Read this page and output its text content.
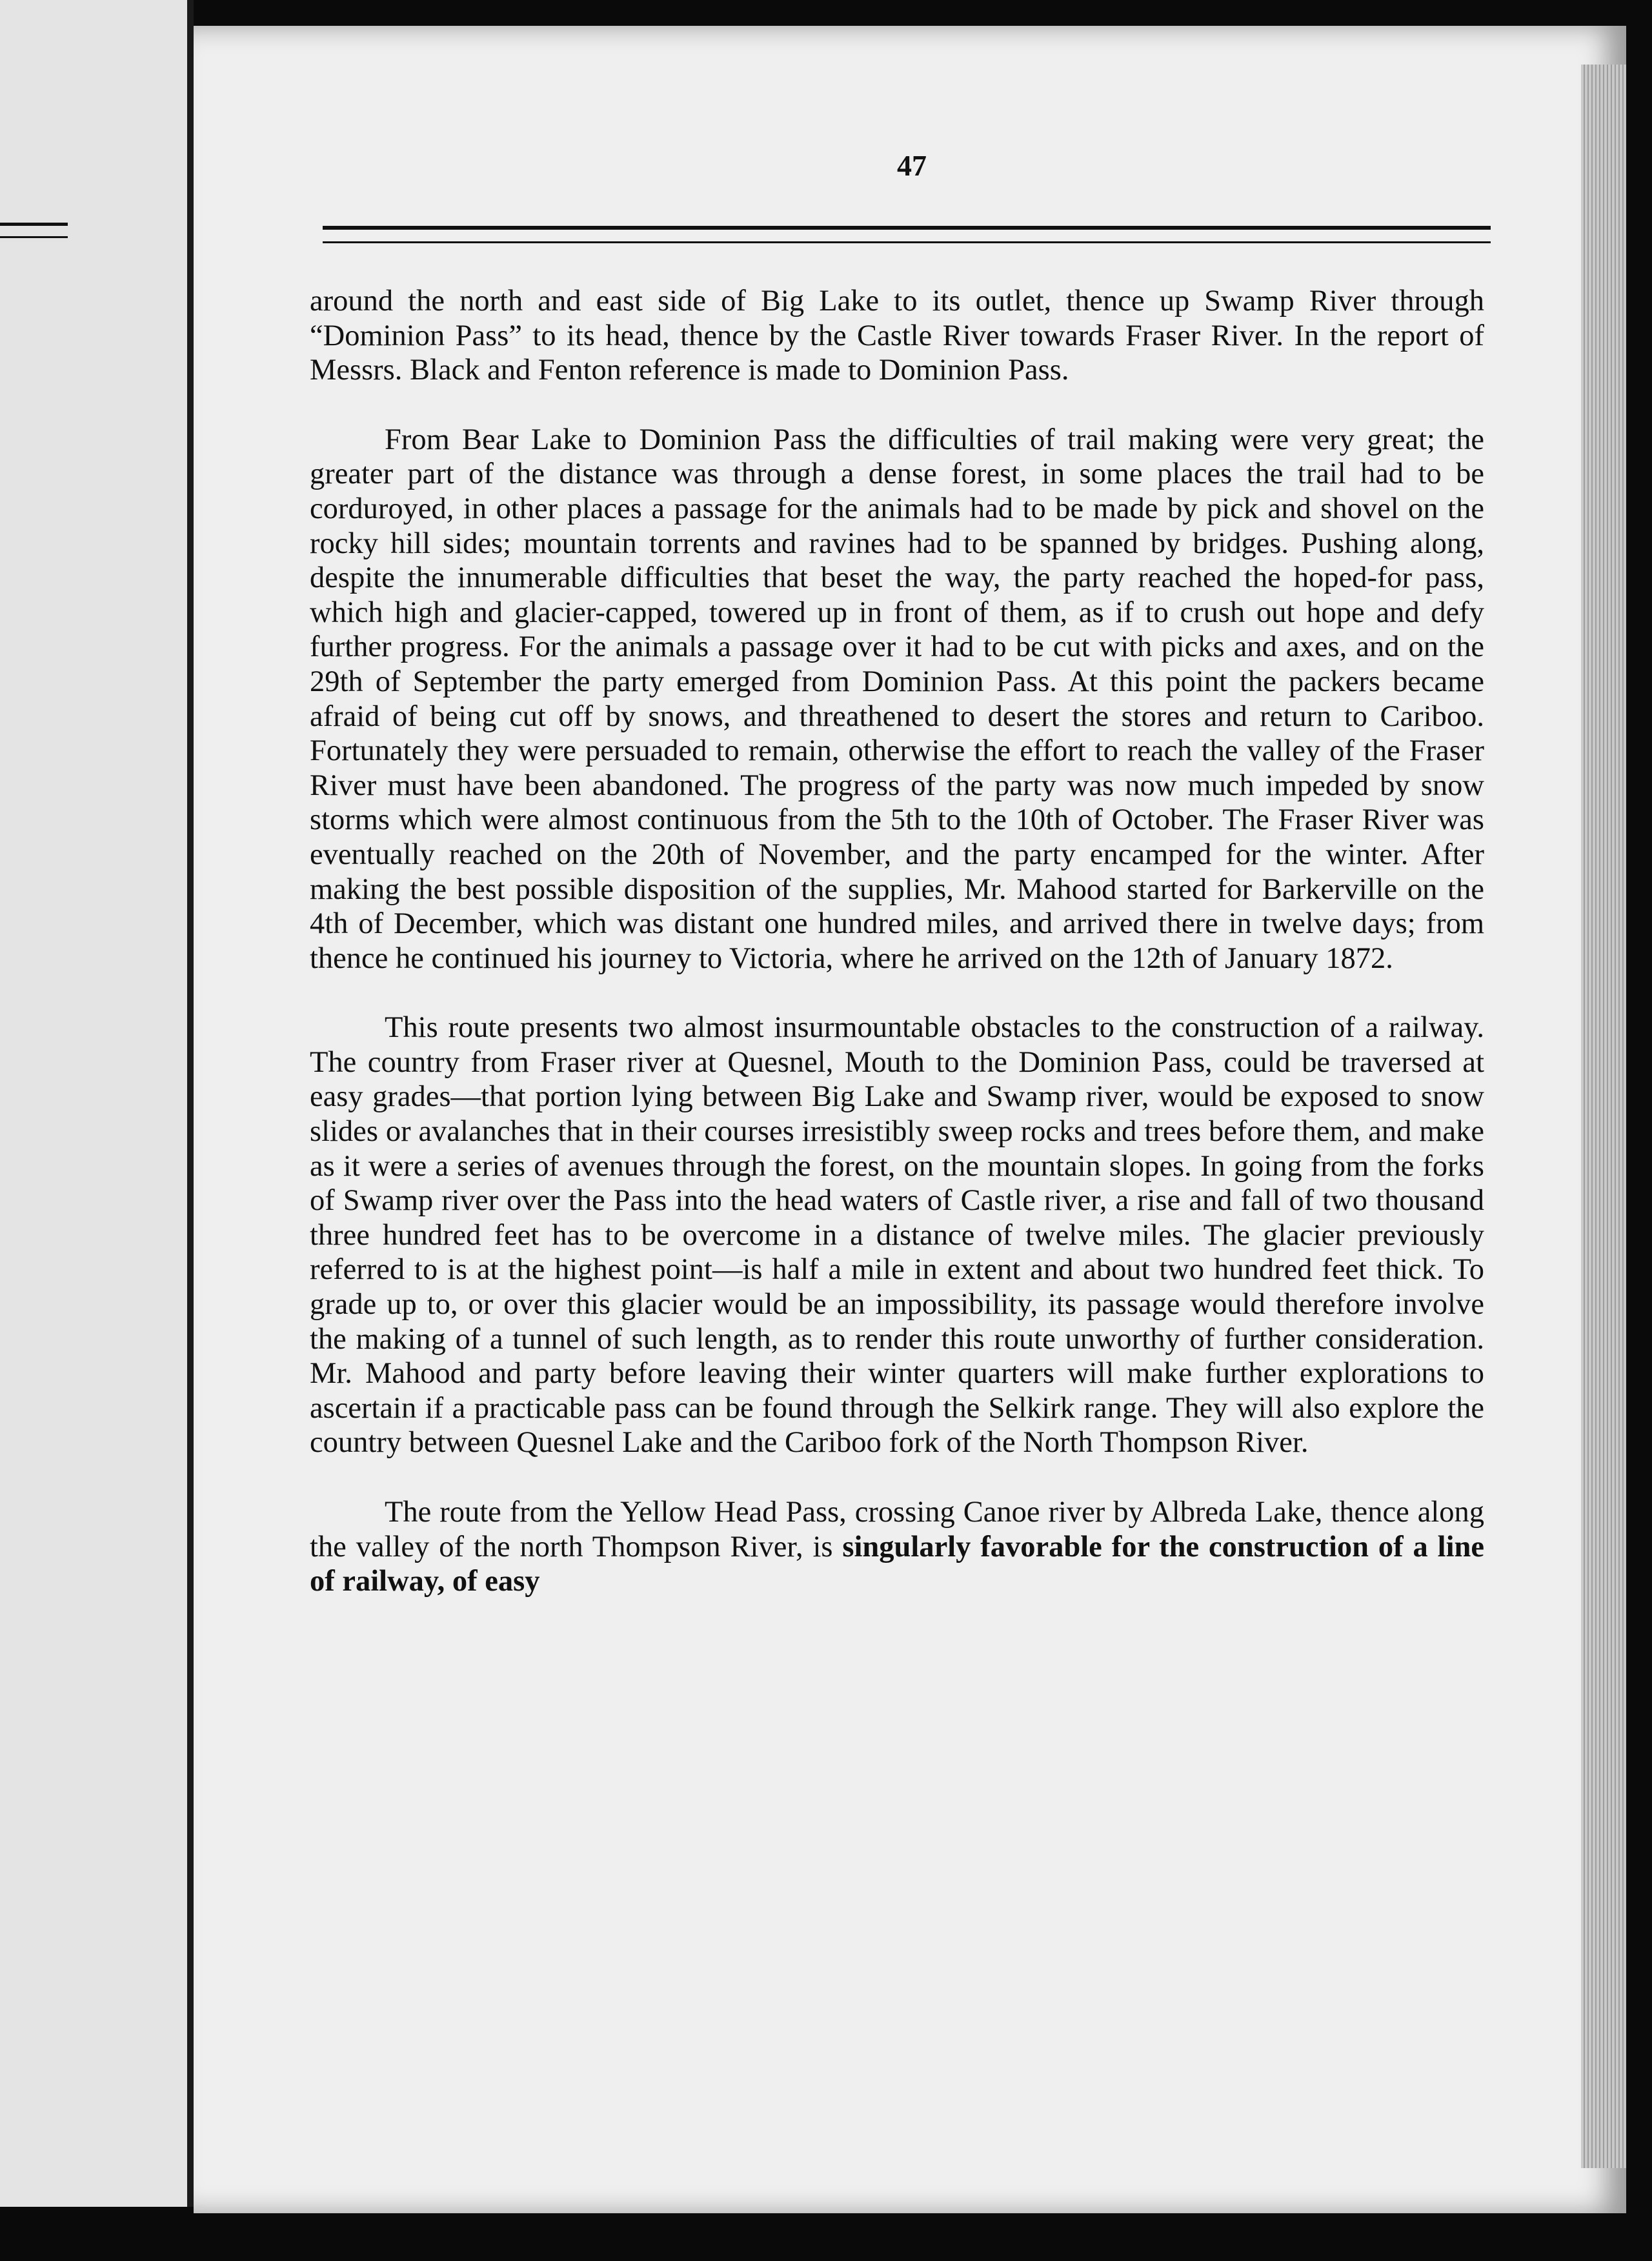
47

around the north and east side of Big Lake to its outlet, thence up Swamp River through “Dominion Pass” to its head, thence by the Castle River towards Fraser River. In the report of Messrs. Black and Fenton reference is made to Dominion Pass.

From Bear Lake to Dominion Pass the difficulties of trail making were very great; the greater part of the distance was through a dense forest, in some places the trail had to be corduroyed, in other places a passage for the animals had to be made by pick and shovel on the rocky hill sides; mountain torrents and ravines had to be spanned by bridges. Pushing along, despite the innumerable difficulties that beset the way, the party reached the hoped-for pass, which high and glacier-capped, towered up in front of them, as if to crush out hope and defy further progress. For the animals a passage over it had to be cut with picks and axes, and on the 29th of September the party emerged from Dominion Pass. At this point the packers became afraid of being cut off by snows, and threathened to desert the stores and return to Cariboo. Fortunately they were persuaded to remain, otherwise the effort to reach the valley of the Fraser River must have been abandoned. The progress of the party was now much impeded by snow storms which were almost continuous from the 5th to the 10th of October. The Fraser River was eventually reached on the 20th of November, and the party encamped for the winter. After making the best possible disposition of the supplies, Mr. Mahood started for Barkerville on the 4th of December, which was distant one hundred miles, and arrived there in twelve days; from thence he continued his journey to Victoria, where he arrived on the 12th of January 1872.

This route presents two almost insurmountable obstacles to the construction of a railway. The country from Fraser river at Quesnel, Mouth to the Dominion Pass, could be traversed at easy grades—that portion lying between Big Lake and Swamp river, would be exposed to snow slides or avalanches that in their courses irresistibly sweep rocks and trees before them, and make as it were a series of avenues through the forest, on the mountain slopes. In going from the forks of Swamp river over the Pass into the head waters of Castle river, a rise and fall of two thousand three hundred feet has to be overcome in a distance of twelve miles. The glacier previously referred to is at the highest point—is half a mile in extent and about two hundred feet thick. To grade up to, or over this glacier would be an impossibility, its passage would therefore involve the making of a tunnel of such length, as to render this route unworthy of further consideration. Mr. Mahood and party before leaving their winter quarters will make further explorations to ascertain if a practicable pass can be found through the Selkirk range. They will also explore the country between Quesnel Lake and the Cariboo fork of the North Thompson River.

The route from the Yellow Head Pass, crossing Canoe river by Albreda Lake, thence along the valley of the north Thompson River, is singularly favorable for the construction of a line of railway, of easy
